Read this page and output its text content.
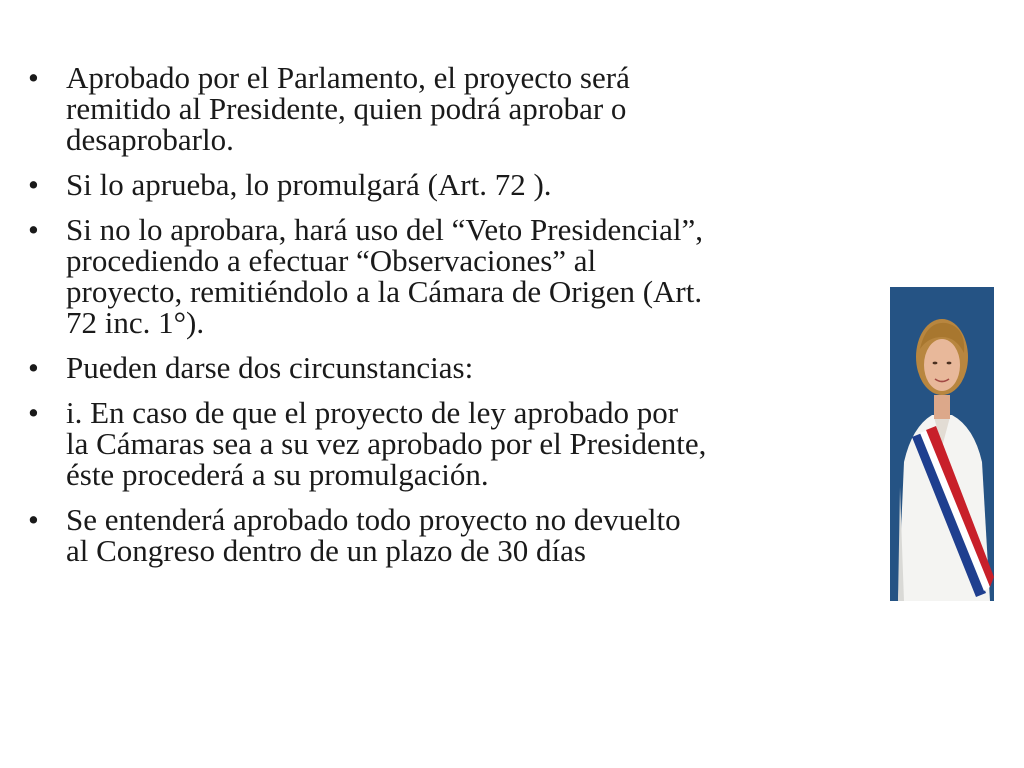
• Aprobado por el Parlamento, el proyecto será
remitido al Presidente, quien podrá aprobar o
desaprobarlo.
• Si lo aprueba, lo promulgará (Art. 72 ).
• Si no lo aprobara, hará uso del “Veto Presidencial”,
procediendo a efectuar “Observaciones” al
proyecto, remitiéndolo a la Cámara de Origen (Art.
72 inc. 1°).
• Pueden darse dos circunstancias:
• i. En caso de que el proyecto de ley aprobado por
la Cámaras sea a su vez aprobado por el Presidente,
éste procederá a su promulgación.
• Se entenderá aprobado todo proyecto no devuelto
al Congreso dentro de un plazo de 30 días
